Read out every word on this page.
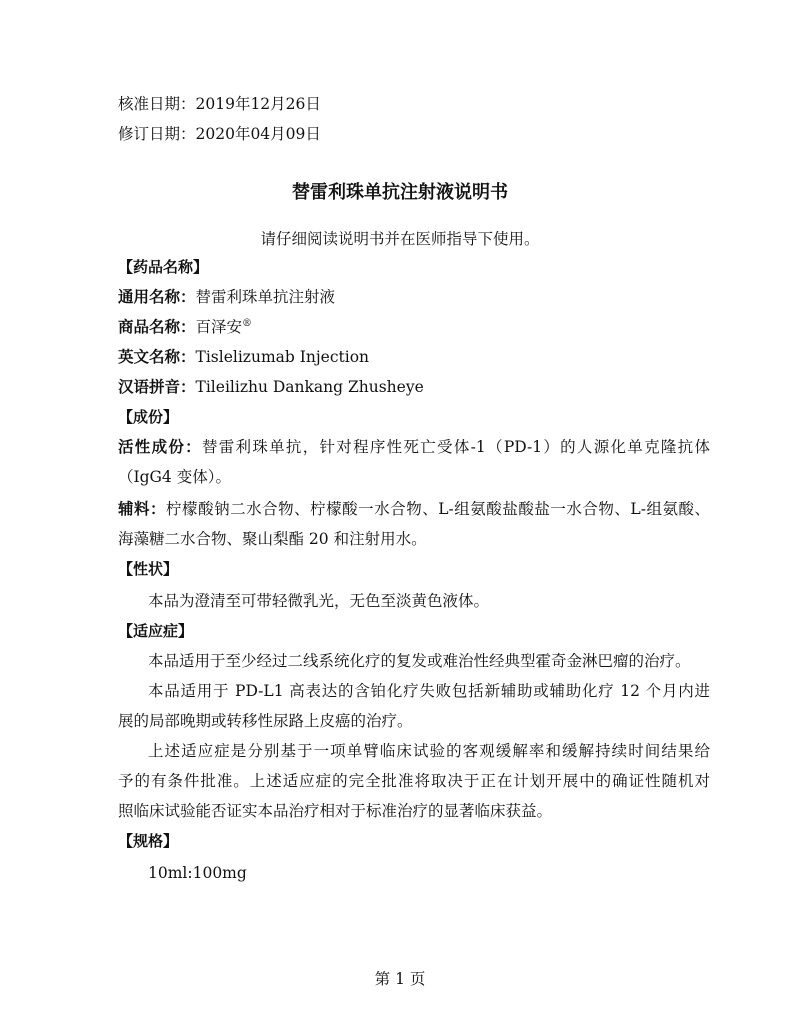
核准日期：2019年12月26日
修订日期：2020年04月09日
替雷利珠单抗注射液说明书
请仔细阅读说明书并在医师指导下使用。
【药品名称】
通用名称：替雷利珠单抗注射液
商品名称：百泽安®
英文名称：Tislelizumab Injection
汉语拼音：Tileilizhu Dankang Zhusheye
【成份】
活性成份：替雷利珠单抗，针对程序性死亡受体-1（PD-1）的人源化单克隆抗体
（IgG4 变体）。
辅料：柠檬酸钠二水合物、柠檬酸一水合物、L-组氨酸盐酸盐一水合物、L-组氨酸、
海藻糖二水合物、聚山梨酯 20 和注射用水。
【性状】
本品为澄清至可带轻微乳光，无色至淡黄色液体。
【适应症】
本品适用于至少经过二线系统化疗的复发或难治性经典型霍奇金淋巴瘤的治疗。
本品适用于 PD-L1 高表达的含铂化疗失败包括新辅助或辅助化疗 12 个月内进
展的局部晚期或转移性尿路上皮癌的治疗。
上述适应症是分别基于一项单臂临床试验的客观缓解率和缓解持续时间结果给
予的有条件批准。上述适应症的完全批准将取决于正在计划开展中的确证性随机对
照临床试验能否证实本品治疗相对于标准治疗的显著临床获益。
【规格】
10ml:100mg
第 1 页
